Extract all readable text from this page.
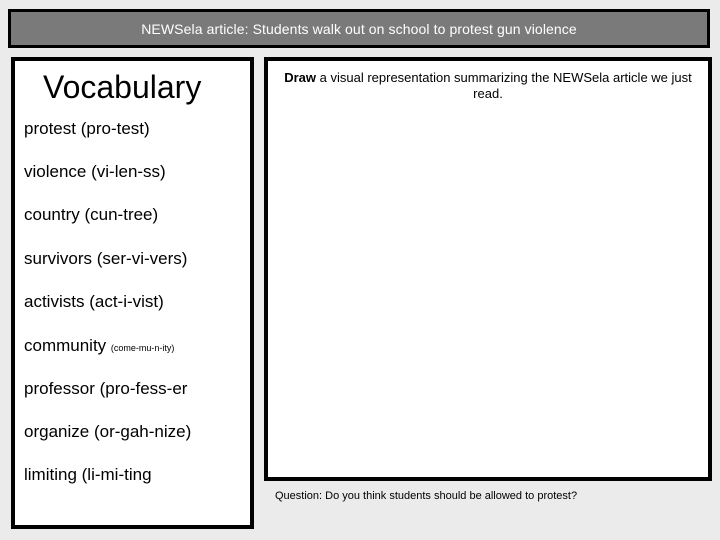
NEWSela article: Students walk out on school to protest gun violence
Vocabulary
protest (pro-test)
violence (vi-len-ss)
country (cun-tree)
survivors (ser-vi-vers)
activists (act-i-vist)
community (come-mu-n-ity)
professor (pro-fess-er
organize (or-gah-nize)
limiting (li-mi-ting
Draw a visual representation summarizing the NEWSela article we just read.
Question: Do you think students should be allowed to protest?
